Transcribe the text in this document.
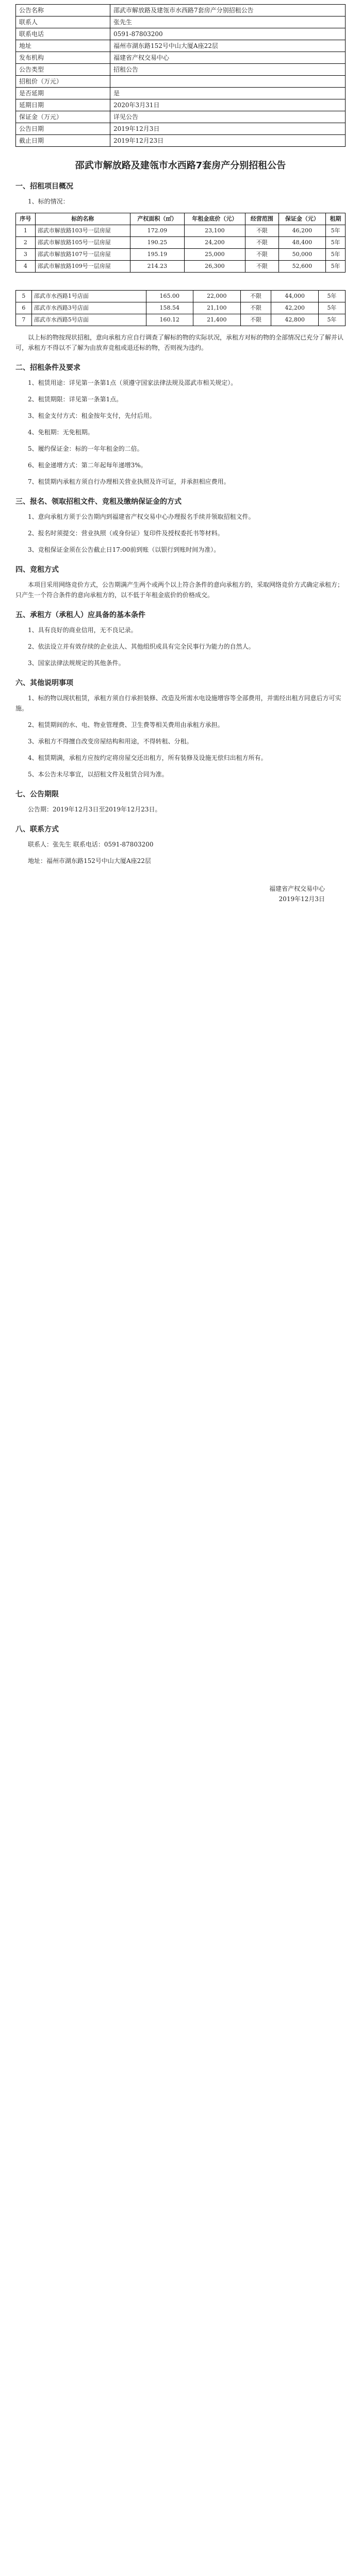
公告名称	邵武市解放路及建瓴市水西路7套房产分别招租公告
联系人	张先生
联系电话	0591-87803200
地址	福州市湖东路152号中山大厦A座22层
发布机构	福建省产权交易中心
公告类型	招租公告
招租价（万元）	
是否延期	是
延期日期	2020年3月31日
保证金（万元）	详见公告
公告日期	2019年12月3日
截止日期	2019年12月23日
邵武市解放路及建瓴市水西路7套房产分别招租公告
一、招租项目概况

1、标的情况：

序号	标的名称	产权面积（㎡）	年租金底价（元）	经营范围	保证金（元）	租期
1	邵武市解放路103号一层房屋	172.09	23,100	不限	46,200	5年
2	邵武市解放路105号一层房屋	190.25	24,200	不限	48,400	5年
3	邵武市解放路107号一层房屋	195.19	25,000	不限	50,000	5年
4	邵武市解放路109号一层房屋	214.23	26,300	不限	52,600	5年
5	邵武市水西路1号店面	165.00	22,000	不限	44,000	5年
6	邵武市水西路3号店面	158.54	21,100	不限	42,200	5年
7	邵武市水西路5号店面	160.12	21,400	不限	42,800	5年

以上标的物按现状招租，意向承租方应自行调查了解标的物的实际状况，承租方对标的物的全部情况已充分了解并认可，承租方不得以不了解为由放弃竞租或退还标的物，否则视为违约。

二、招租条件及要求

1、租赁用途：详见第一条第1点（须遵守国家法律法规及邵武市相关规定）。

2、租赁期限：详见第一条第1点。

3、租金支付方式：租金按年支付，先付后用。

4、免租期：无免租期。

5、履约保证金：标的一年年租金的二倍。

6、租金递增方式：第二年起每年递增3%。

7、租赁期内承租方须自行办理相关营业执照及许可证，并承担相应费用。

三、报名、领取招租文件、竞租及缴纳保证金的方式

1、意向承租方须于公告期内到福建省产权交易中心办理报名手续并领取招租文件。

2、报名时须提交：营业执照（或身份证）复印件及授权委托书等材料。

3、竞租保证金须在公告截止日17:00前到账（以银行到账时间为准）。

四、竞租方式

本项目采用网络竞价方式，公告期满产生两个或两个以上符合条件的意向承租方的，采取网络竞价方式确定承租方；只产生一个符合条件的意向承租方的，以不低于年租金底价的价格成交。

五、承租方（承租人）应具备的基本条件

1、具有良好的商业信用，无不良记录。

2、依法设立并有效存续的企业法人、其他组织或具有完全民事行为能力的自然人。

3、国家法律法规规定的其他条件。

六、其他说明事项

1、标的物以现状租赁，承租方须自行承担装修、改造及所需水电设施增容等全部费用，并需经出租方同意后方可实施。

2、租赁期间的水、电、物业管理费、卫生费等相关费用由承租方承担。

3、承租方不得擅自改变房屋结构和用途，不得转租、分租。

4、租赁期满，承租方应按约定将房屋交还出租方，所有装修及设施无偿归出租方所有。

5、本公告未尽事宜，以招租文件及租赁合同为准。

七、公告期限

公告期：2019年12月3日至2019年12月23日。

八、联系方式

联系人：张先生 联系电话：0591-87803200

地址：福州市湖东路152号中山大厦A座22层

福建省产权交易中心
2019年12月3日
